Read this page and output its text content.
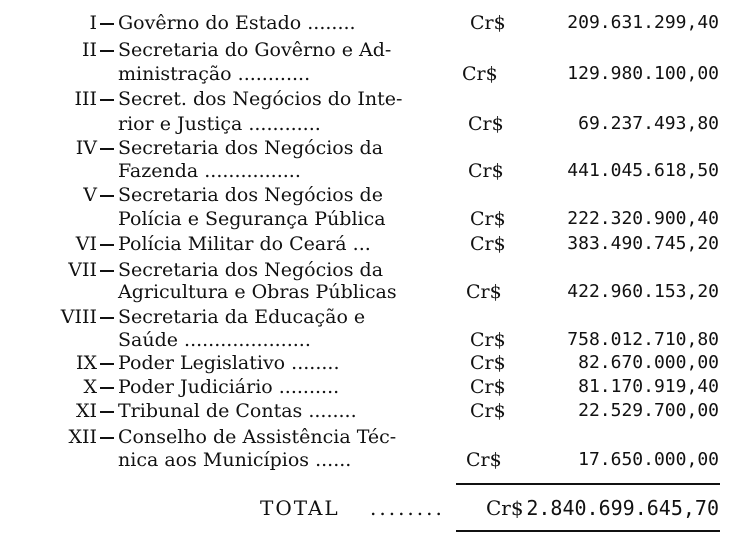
I Govêrno do Estado ........	Cr$	209.631.299,40
II Secretaria do Govêrno e Ad-
ministração ............	Cr$	129.980.100,00
III Secret. dos Negócios do Inte-
rior e Justiça ............	Cr$	69.237.493,80
IV Secretaria dos Negócios da
Fazenda ................	Cr$	441.045.618,50
V Secretaria dos Negócios de
Polícia e Segurança Pública	Cr$	222.320.900,40
VI Polícia Militar do Ceará ...	Cr$	383.490.745,20
VII Secretaria dos Negócios da
Agricultura e Obras Públicas	Cr$	422.960.153,20
VIII Secretaria da Educação e
Saúde .....................	Cr$	758.012.710,80
IX Poder Legislativo ........	Cr$	82.670.000,00
X Poder Judiciário ..........	Cr$	81.170.919,40
XI Tribunal de Contas ........	Cr$	22.529.700,00
XII Conselho de Assistência Téc-
nica aos Municípios ......	Cr$	17.650.000,00
TOTAL ........ Cr$ 2.840.699.645,70
